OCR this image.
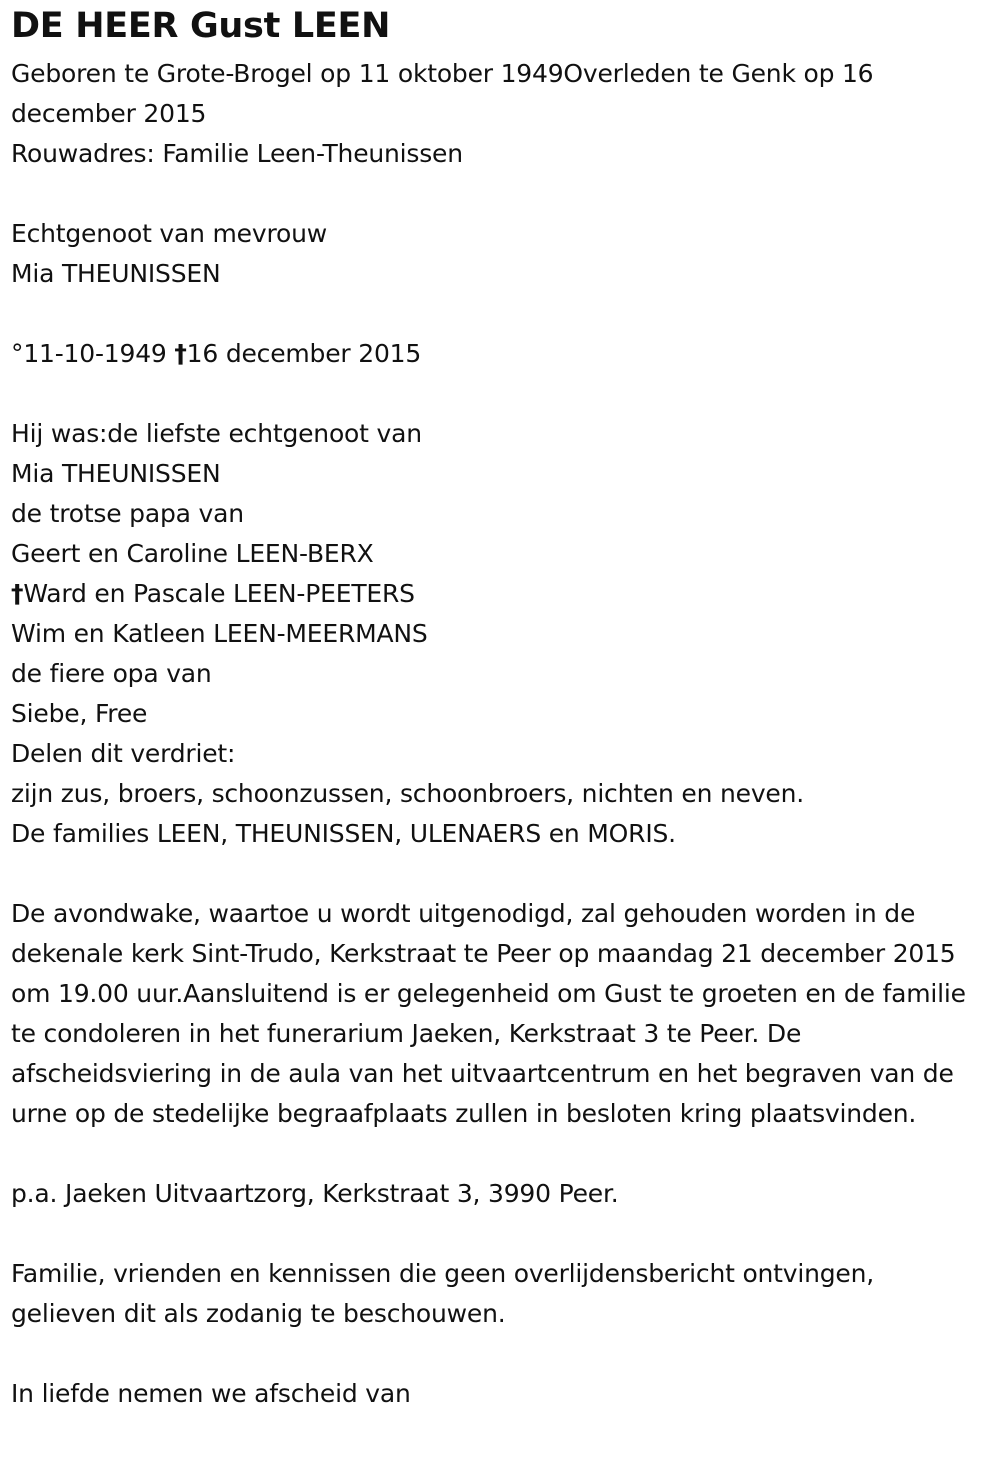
DE HEER Gust LEEN
Geboren te Grote-Brogel op 11 oktober 1949Overleden te Genk op 16 december 2015
Rouwadres: Familie Leen-Theunissen
Echtgenoot van mevrouw
Mia THEUNISSEN
°11-10-1949 †16 december 2015
Hij was:de liefste echtgenoot van
Mia THEUNISSEN
de trotse papa van
Geert en Caroline LEEN-BERX
†Ward en Pascale LEEN-PEETERS
Wim en Katleen LEEN-MEERMANS
de fiere opa van
Siebe, Free
Delen dit verdriet:
zijn zus, broers, schoonzussen, schoonbroers, nichten en neven.
De families LEEN, THEUNISSEN, ULENAERS en MORIS.
De avondwake, waartoe u wordt uitgenodigd, zal gehouden worden in de dekenale kerk Sint-Trudo, Kerkstraat te Peer op maandag 21 december 2015 om 19.00 uur.Aansluitend is er gelegenheid om Gust te groeten en de familie te condoleren in het funerarium Jaeken, Kerkstraat 3 te Peer. De afscheidsviering in de aula van het uitvaartcentrum en het begraven van de urne op de stedelijke begraafplaats zullen in besloten kring plaatsvinden.
p.a. Jaeken Uitvaartzorg, Kerkstraat 3, 3990 Peer.
Familie, vrienden en kennissen die geen overlijdensbericht ontvingen, gelieven dit als zodanig te beschouwen.
In liefde nemen we afscheid van
